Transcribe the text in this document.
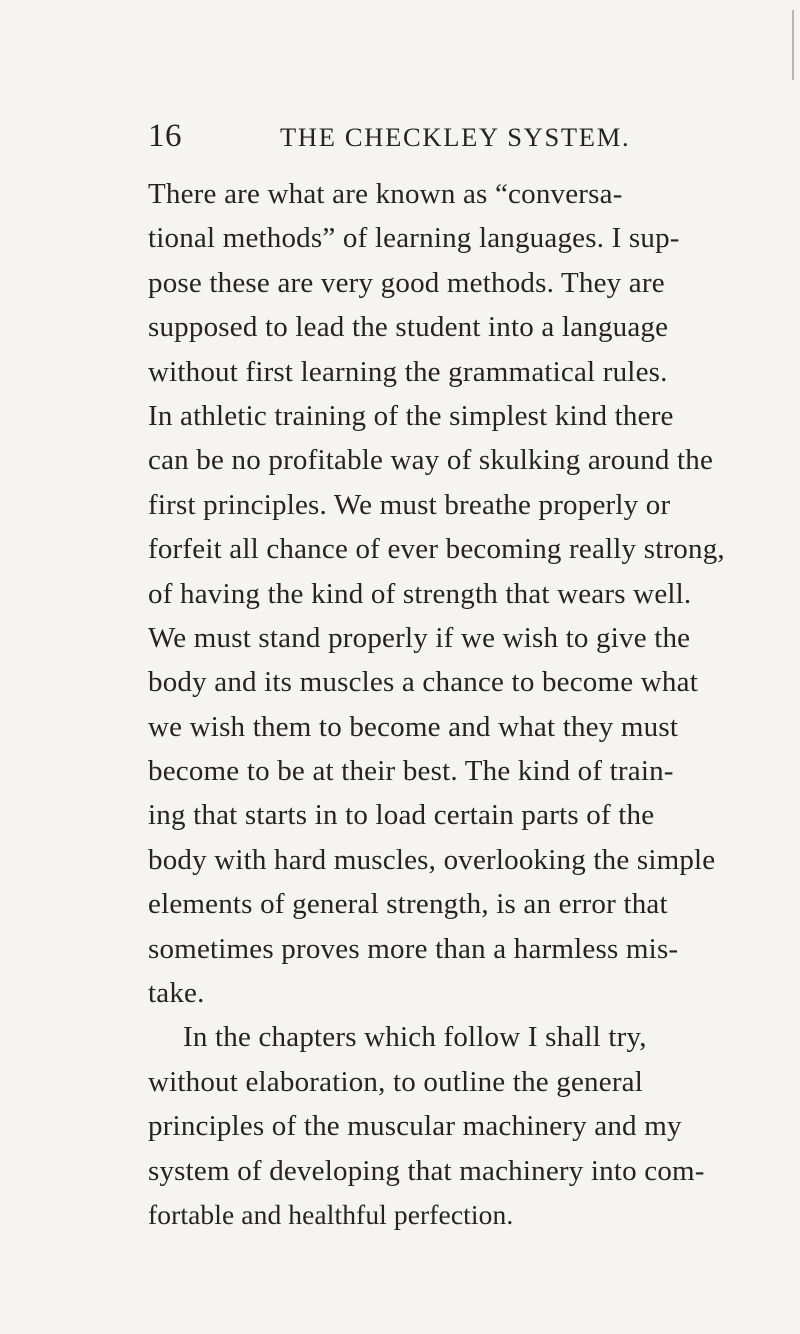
16	THE CHECKLEY SYSTEM.
There are what are known as “conversa-
tional methods” of learning languages. I sup-
pose these are very good methods. They are
supposed to lead the student into a language
without first learning the grammatical rules.
In athletic training of the simplest kind there
can be no profitable way of skulking around the
first principles. We must breathe properly or
forfeit all chance of ever becoming really strong,
of having the kind of strength that wears well.
We must stand properly if we wish to give the
body and its muscles a chance to become what
we wish them to become and what they must
become to be at their best. The kind of train-
ing that starts in to load certain parts of the
body with hard muscles, overlooking the simple
elements of general strength, is an error that
sometimes proves more than a harmless mis-
take.
In the chapters which follow I shall try,
without elaboration, to outline the general
principles of the muscular machinery and my
system of developing that machinery into com-
fortable and healthful perfection.
